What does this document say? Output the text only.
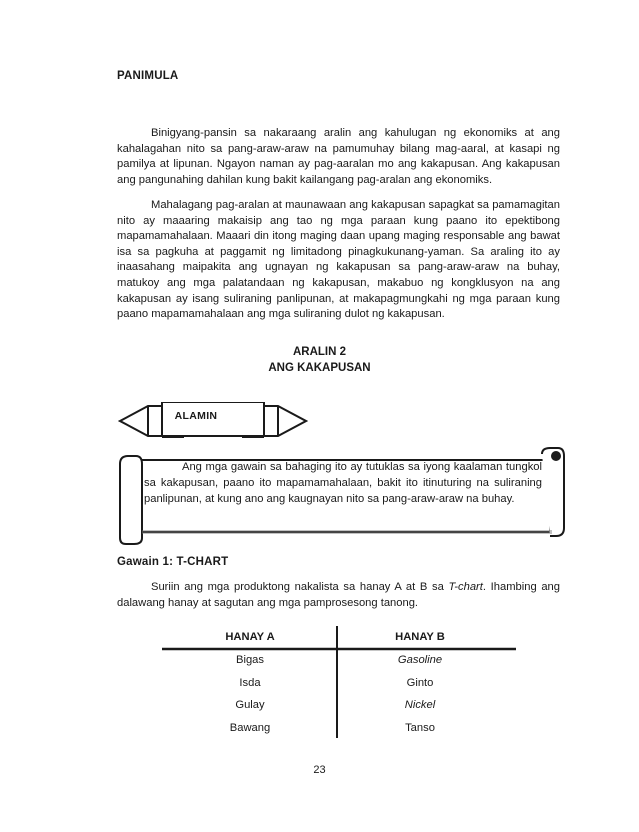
PANIMULA

Binigyang-pansin sa nakaraang aralin ang kahulugan ng ekonomiks at ang kahalagahan nito sa pang-araw-araw na pamumuhay bilang mag-aaral, at kasapi ng pamilya at lipunan. Ngayon naman ay pag-aaralan mo ang kakapusan. Ang kakapusan ang pangunahing dahilan kung bakit kailangang pag-aralan ang ekonomiks.

Mahalagang pag-aralan at maunawaan ang kakapusan sapagkat sa pamamagitan nito ay maaaring makaisip ang tao ng mga paraan kung paano ito epektibong mapamamahalaan. Maaari din itong maging daan upang maging responsable ang bawat isa sa pagkuha at paggamit ng limitadong pinagkukunang-yaman. Sa araling ito ay inaasahang maipakita ang ugnayan ng kakapusan sa pang-araw-araw na buhay, matukoy ang mga palatandaan ng kakapusan, makabuo ng kongklusyon na ang kakapusan ay isang suliraning panlipunan, at makapagmungkahi ng mga paraan kung paano mapamamahalaan ang mga suliraning dulot ng kakapusan.

ARALIN 2
ANG KAKAPUSAN
ALAMIN

Ang mga gawain sa bahaging ito ay tutuklas sa iyong kaalaman tungkol sa kakapusan, paano ito mapamamahalaan, bakit ito itinuturing na suliraning panlipunan, at kung ano ang kaugnayan nito sa pang-araw-araw na buhay.

Gawain 1: T-CHART

Suriin ang mga produktong nakalista sa hanay A at B sa T-chart. Ihambing ang dalawang hanay at sagutan ang mga pamprosesong tanong.

HANAY A	HANAY B
Bigas
Isda
Gulay
Bawang
Gasoline
Ginto
Nickel
Tanso
23
